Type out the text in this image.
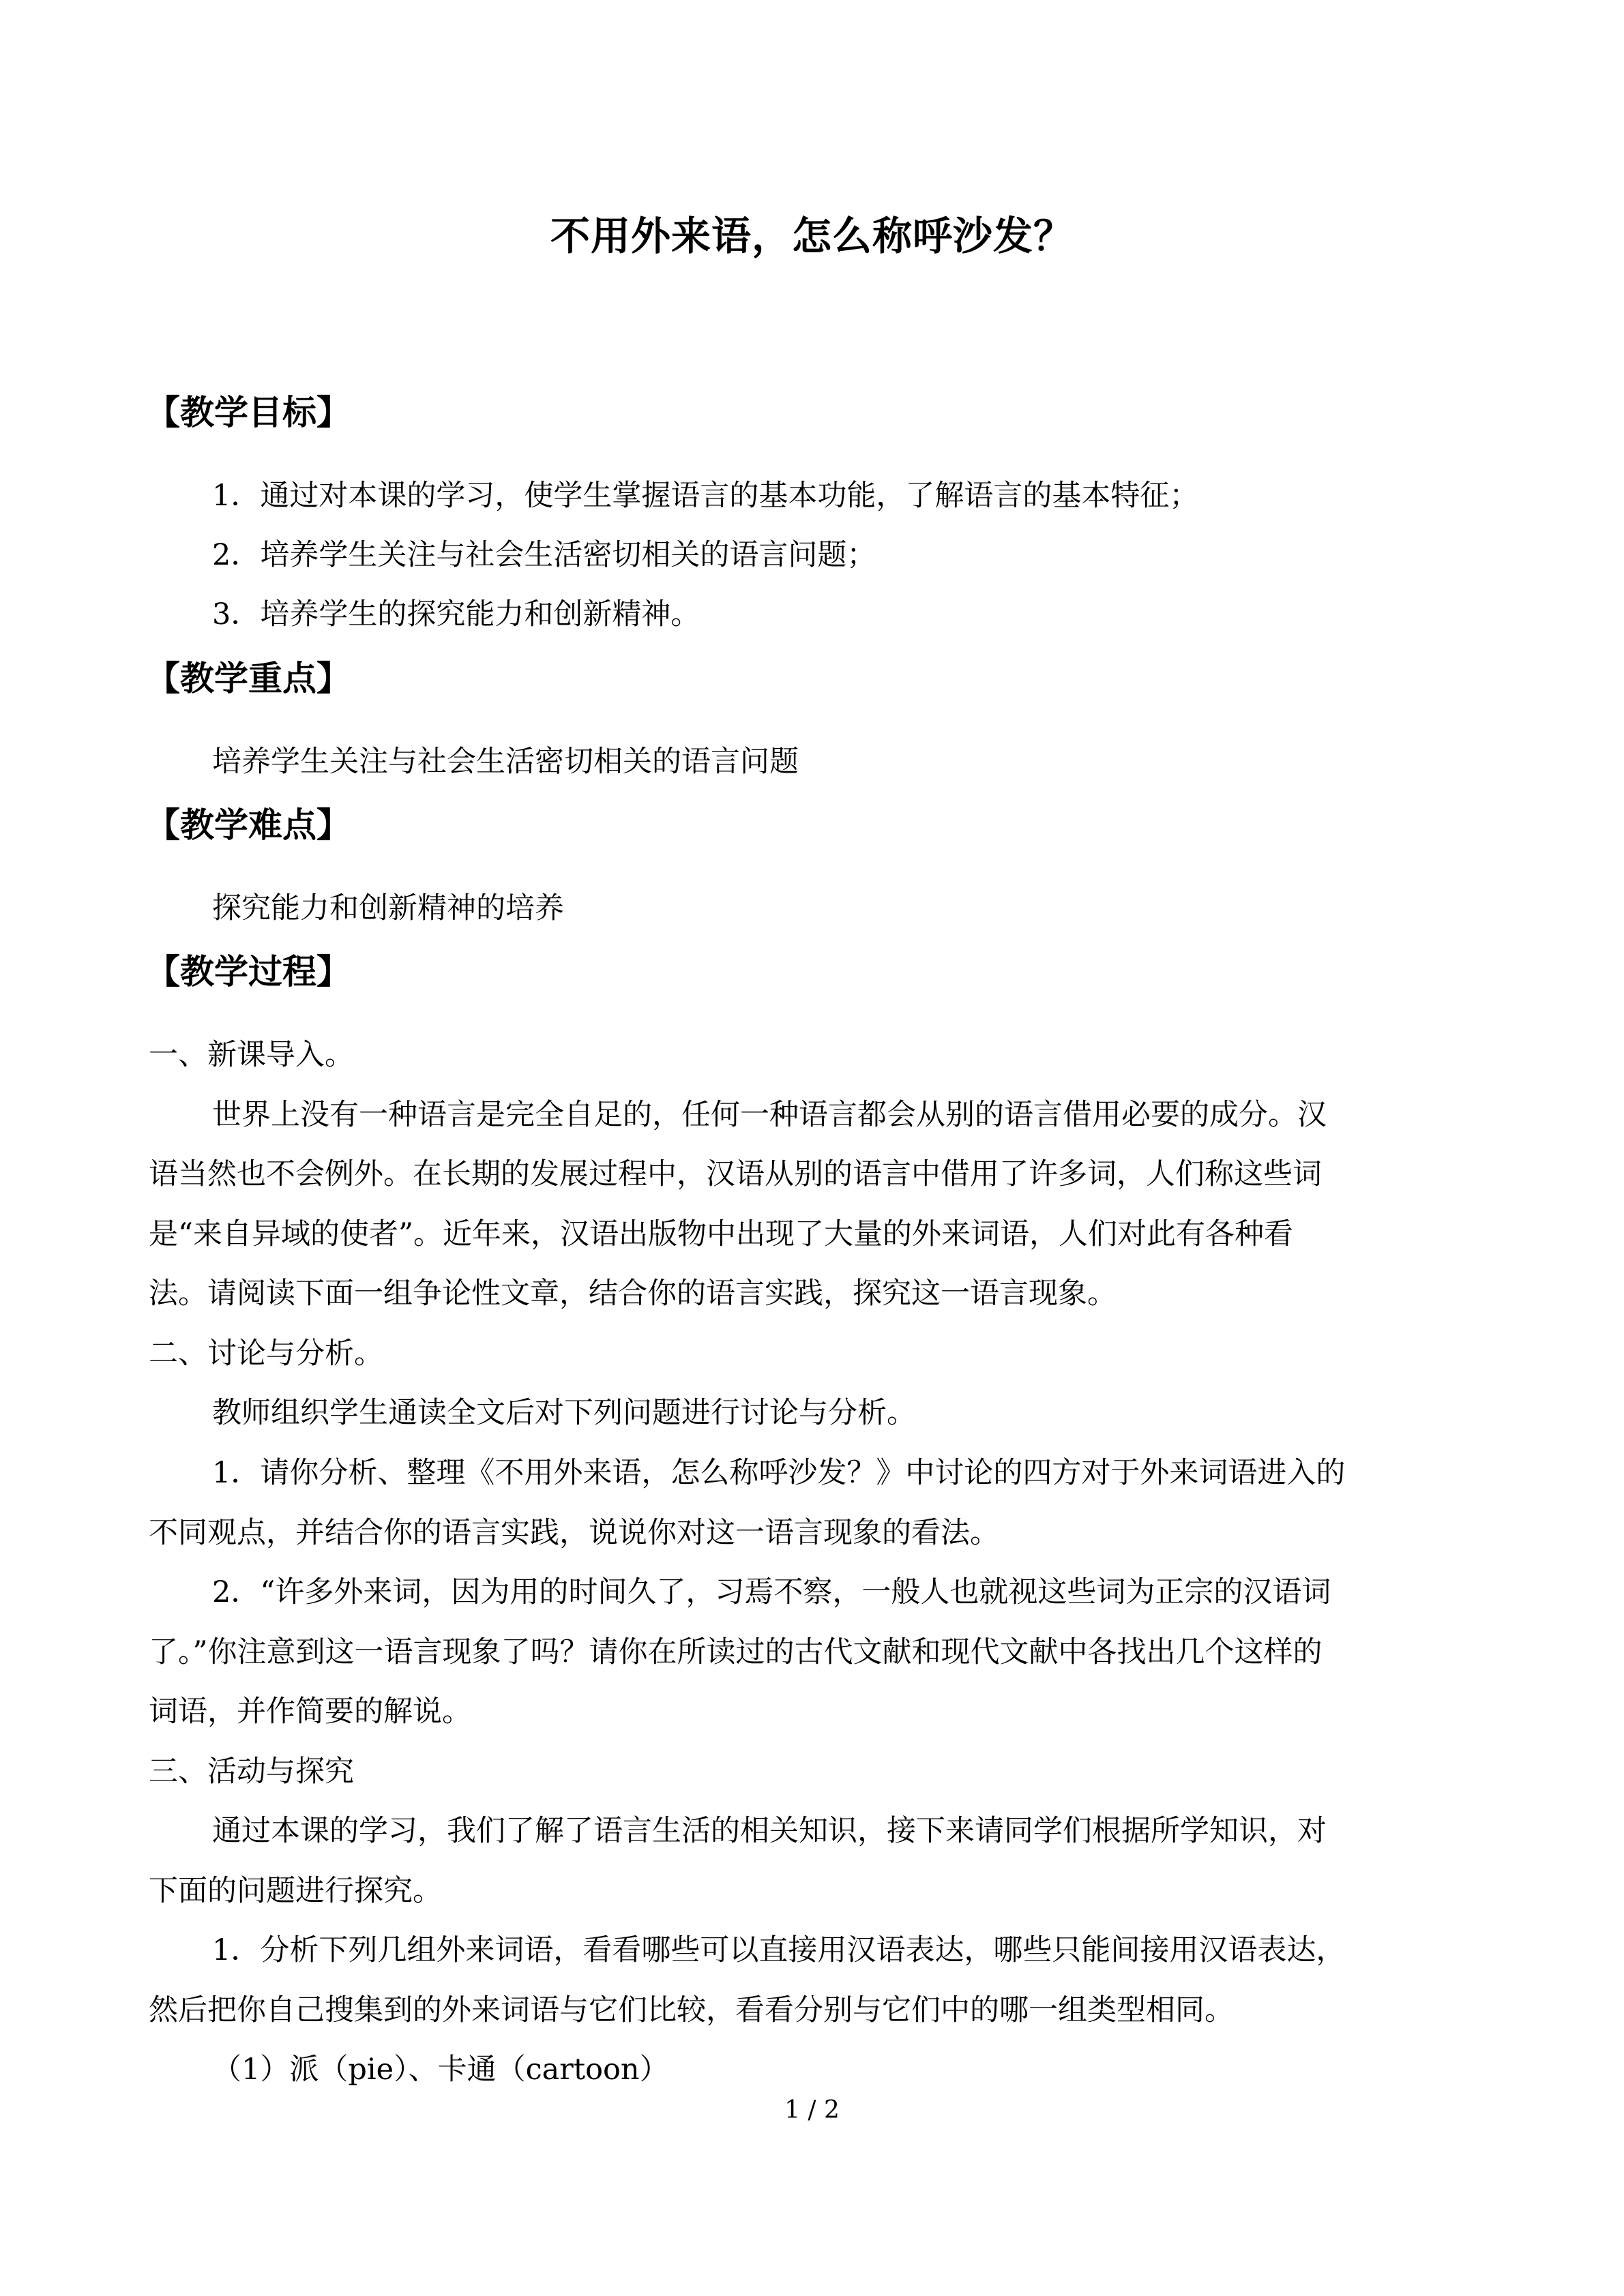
不用外来语，怎么称呼沙发？
【教学目标】
1．通过对本课的学习，使学生掌握语言的基本功能，了解语言的基本特征；
2．培养学生关注与社会生活密切相关的语言问题；
3．培养学生的探究能力和创新精神。
【教学重点】
培养学生关注与社会生活密切相关的语言问题
【教学难点】
探究能力和创新精神的培养
【教学过程】
一、新课导入。
世界上没有一种语言是完全自足的，任何一种语言都会从别的语言借用必要的成分。汉
语当然也不会例外。在长期的发展过程中，汉语从别的语言中借用了许多词，人们称这些词
是“来自异域的使者”。近年来，汉语出版物中出现了大量的外来词语，人们对此有各种看
法。请阅读下面一组争论性文章，结合你的语言实践，探究这一语言现象。
二、讨论与分析。
教师组织学生通读全文后对下列问题进行讨论与分析。
1．请你分析、整理《不用外来语，怎么称呼沙发？》中讨论的四方对于外来词语进入的
不同观点，并结合你的语言实践，说说你对这一语言现象的看法。
2．“许多外来词，因为用的时间久了，习焉不察，一般人也就视这些词为正宗的汉语词
了。”你注意到这一语言现象了吗？请你在所读过的古代文献和现代文献中各找出几个这样的
词语，并作简要的解说。
三、活动与探究
通过本课的学习，我们了解了语言生活的相关知识，接下来请同学们根据所学知识，对
下面的问题进行探究。
1．分析下列几组外来词语，看看哪些可以直接用汉语表达，哪些只能间接用汉语表达，
然后把你自己搜集到的外来词语与它们比较，看看分别与它们中的哪一组类型相同。
（1）派（pie）、卡通（cartoon）
1 / 2
